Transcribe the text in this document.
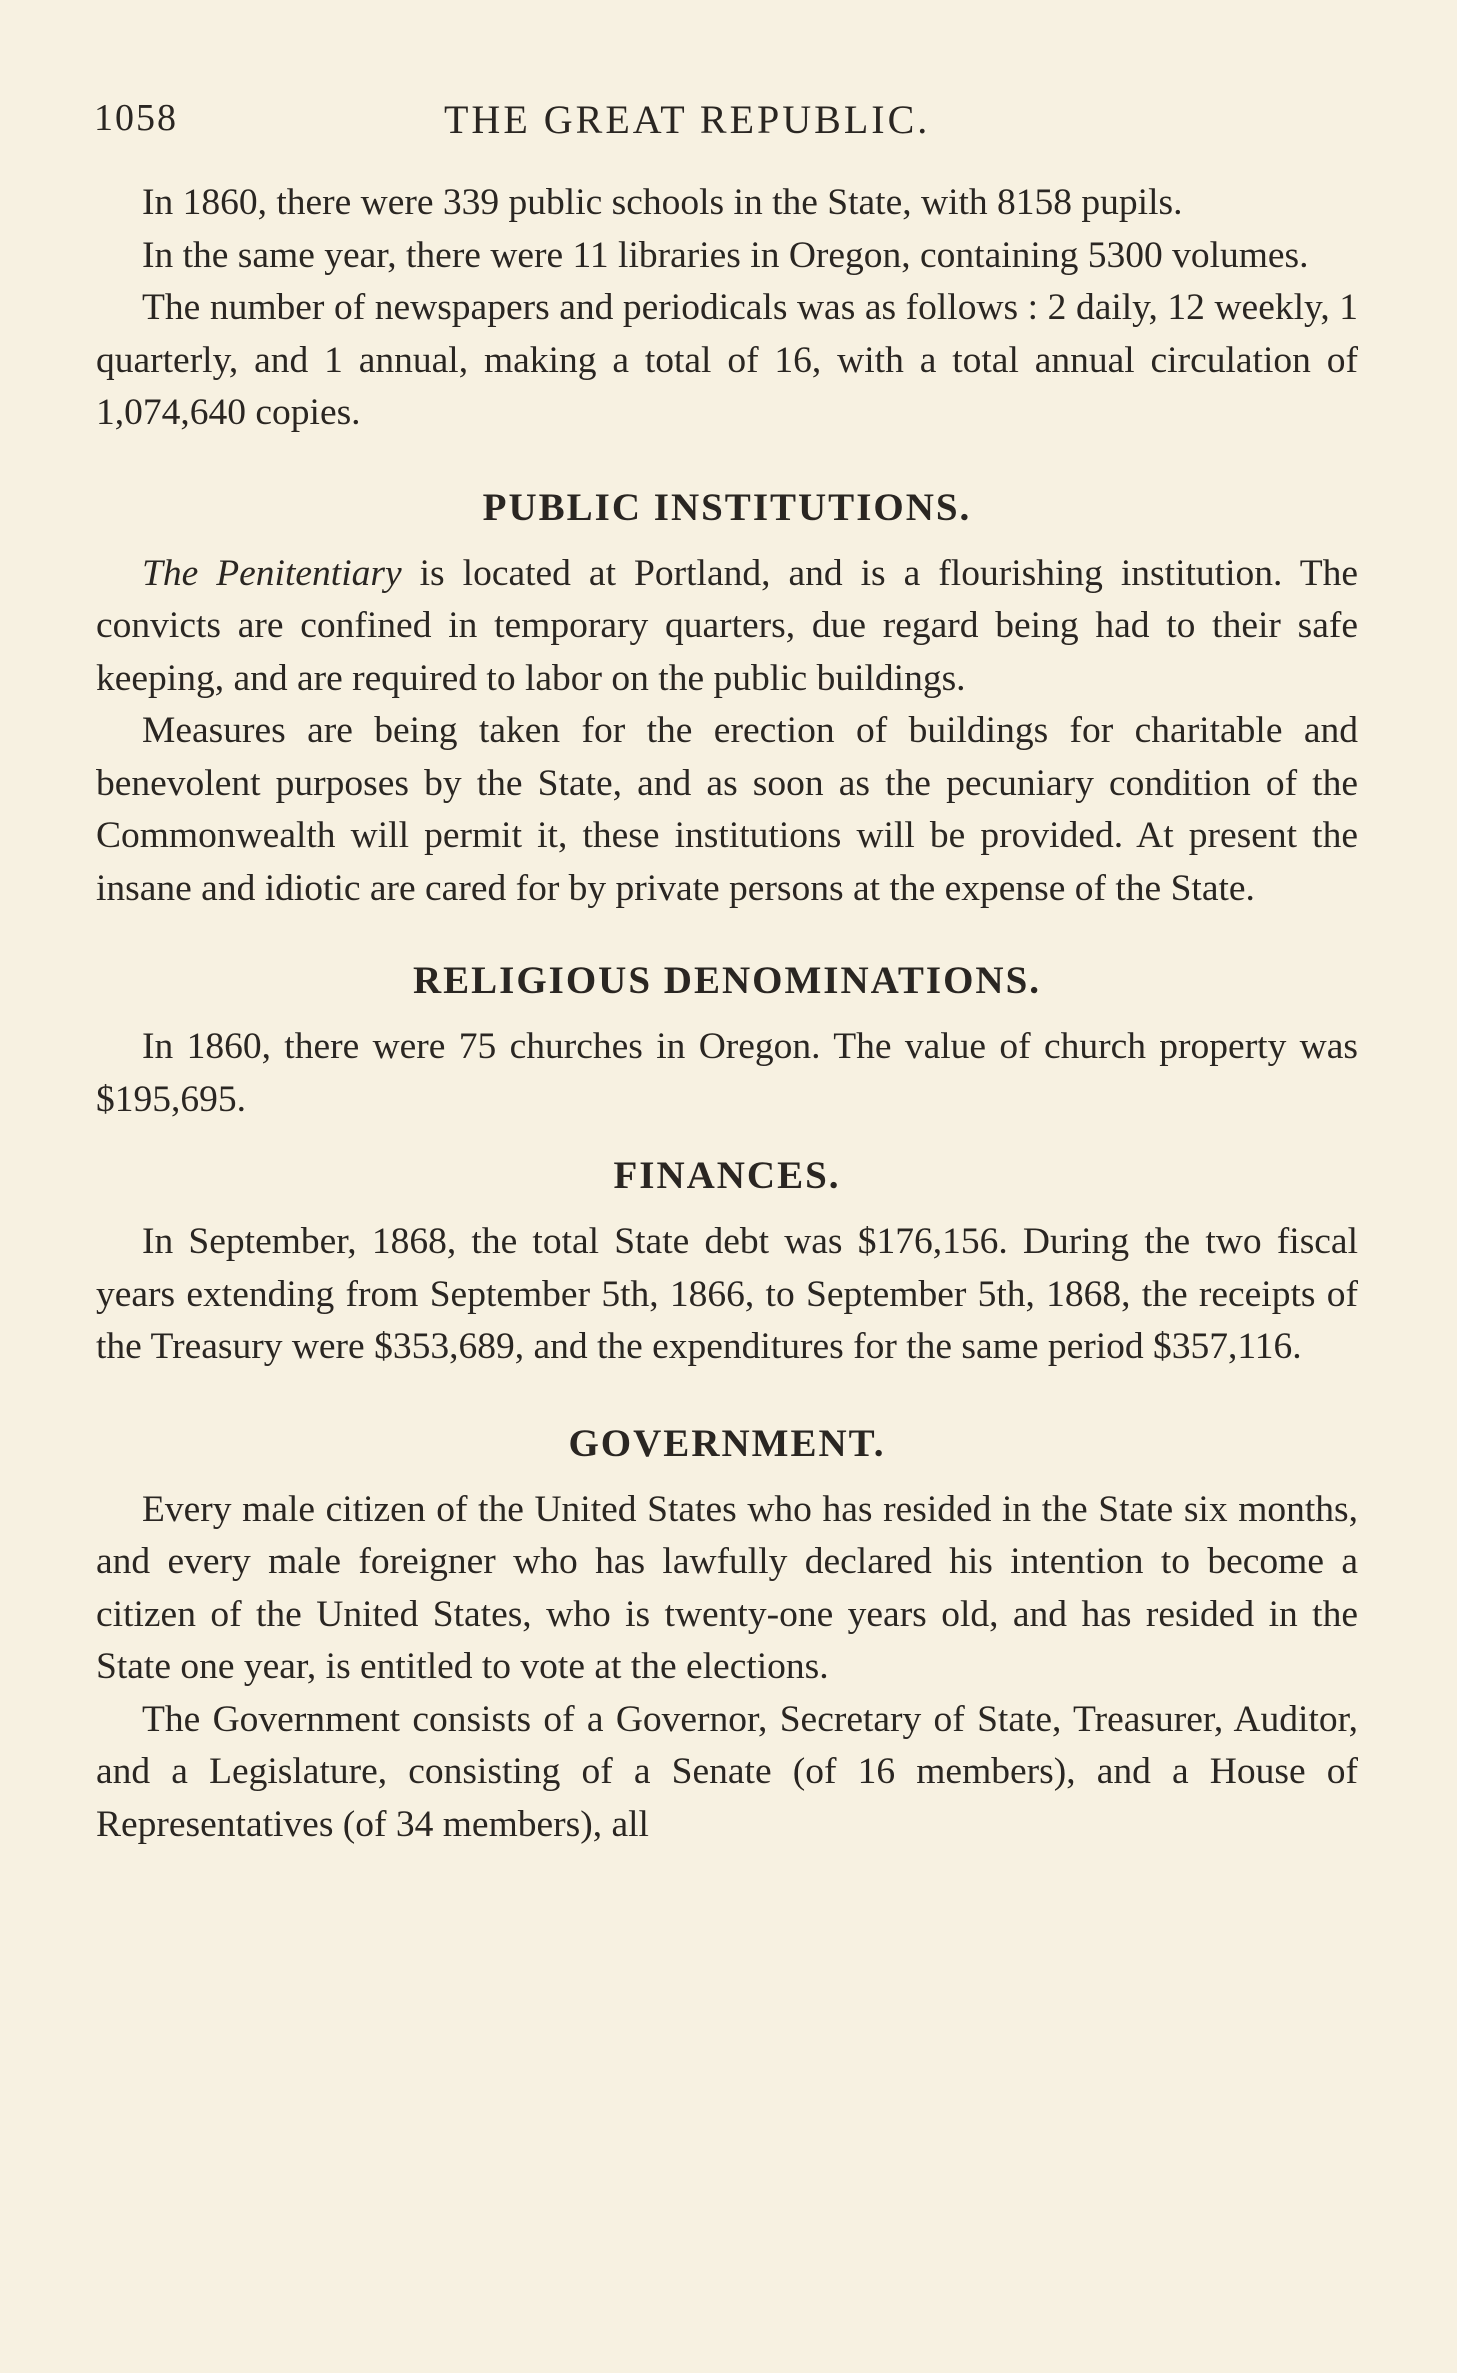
1058	THE GREAT REPUBLIC.

In 1860, there were 339 public schools in the State, with 8158 pupils.

In the same year, there were 11 libraries in Oregon, containing 5300 volumes.

The number of newspapers and periodicals was as follows : 2 daily, 12 weekly, 1 quarterly, and 1 annual, making a total of 16, with a total annual circulation of 1,074,640 copies.

PUBLIC INSTITUTIONS.

The Penitentiary is located at Portland, and is a flourishing institution. The convicts are confined in temporary quarters, due regard being had to their safe keeping, and are required to labor on the public buildings.

Measures are being taken for the erection of buildings for charitable and benevolent purposes by the State, and as soon as the pecuniary condition of the Commonwealth will permit it, these institutions will be provided. At present the insane and idiotic are cared for by private persons at the expense of the State.

RELIGIOUS DENOMINATIONS.

In 1860, there were 75 churches in Oregon. The value of church property was $195,695.

FINANCES.

In September, 1868, the total State debt was $176,156. During the two fiscal years extending from September 5th, 1866, to September 5th, 1868, the receipts of the Treasury were $353,689, and the expenditures for the same period $357,116.

GOVERNMENT.

Every male citizen of the United States who has resided in the State six months, and every male foreigner who has lawfully declared his intention to become a citizen of the United States, who is twenty-one years old, and has resided in the State one year, is entitled to vote at the elections.

The Government consists of a Governor, Secretary of State, Treasurer, Auditor, and a Legislature, consisting of a Senate (of 16 members), and a House of Representatives (of 34 members), all
